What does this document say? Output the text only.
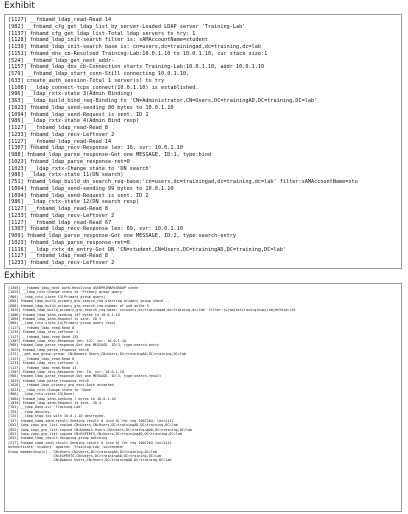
Exhibit
[1127] __fnbamd_ldap_read-Read 14
[982] __fnbamd_cfg_get_ldap_list_by_server-Loaded LDAP server 'Training-Lab'
[1137] fnbamd_cfg_get_ldap_list-Total ldap servers to try: 1
[1128] fnbamd_ldap_init-search filter is: sAMAccountName=student
[1139] fnbamd_ldap_init-search base is: cn=users,dc=trainingad,dc=training,dc=lab
[1151] fnbamd_dns_cb-Resolved Training-Lab:10.0.1.10 to 10.0.1.10, cur stack size:1
[524] __fnbamd_ldap_get_next_addr-
[1157] fnbamd_ldap_dns_cb-Connection starts Training-Lab:10.0.1.10, addr 10.0.1.10
[579] __fnbamd_ldap_start_conn-Still connecting 10.0.1.10.
[633] create_auth_session-Total 1 server(s) to try
[1108] __ldap_connect-tcps_connect(10.0.1.10) is established.
[986] __ldap_rxtx-state 3(Admin Binding)
[363] __ldap_build_bind_req-Binding to 'CN=Administrator,CN=Users,DC=trainingAD,DC=training,DC=lab'
[1023] fnbamd_ldap_send-sending 80 bytes to 10.0.1.10
[1094] fnbamd_ldap_send-Request is sent. ID 1
[986] __ldap_rxtx-state 4(Admin Bind resp)
[1127] __fnbamd_ldap_read-Read 8
[1233] fnbamd_ldap_recv-Leftover 2
[1127] __fnbamd_ldap_read-Read 14
[1307] fnbamd_ldap_recv-Response len: 16, svr: 10.0.1.10
[988] fnbamd_ldap_parse_response-Got one MESSAGE. ID:1, type:bind
[1023] fnbamd_ldap_parse_response-ret=0
[1023] __ldap_rxtx-Change state to 'DN search'
[986] __ldap_rxtx-state 11(DN search)
[751] fnbamd_ldap_build_dn_search_req-base:'cn=users,dc=trainingad,dc=training,dc=lab' filter:sAMAccountName=stu
[1064] fnbamd_ldap_send-sending 99 bytes to 10.0.1.10
[1094] fnbamd_ldap_send-Request is sent. ID 2
[986] __ldap_rxtx-state 12(DN search resp)
[1127] __fnbamd_ldap_read-Read 8
[1233] fnbamd_ldap_recv-Leftover 2
[1127] __fnbamd_ldap_read-Read 67
[1307] fnbamd_ldap_recv-Response len: 69, svr: 10.0.1.10
[909] fnbamd_ldap_parse_response-Got one MESSAGE. ID:2, type:search-entry
[1023] fnbamd_ldap_parse_response-ret=0
[1116] __ldap_rxtx_dn_entry-Got DN 'CN=student,CN=Users,DC=trainingAD,DC=training,DC=lab'
[1127] __fnbamd_ldap_read-Read 8
[1233] fnbamd_ldap_recv-Leftover 2
Exhibit
[1305] __fnbamd_ldap_next_auth-Resolving USERPRIMARYGROUP state
[1023] __ldap_rxtx-Change state to 'Primary group query'
[986] __ldap_rxtx-state 13(Primary group query)
[685] fnbamd_ldap_build_primary_grp_search_req-starting primary group check...
[688] fnbamd_ldap_build_primary_grp_search_req-number of sub auths 5
[1024] fnbamd_ldap_build_primary_grp_search_req-base:'cn=users,dc=trainingad,dc=training,dc=lab' filter:(&(objectclass=group)(objectSid=\01
[1086] fnbamd_ldap_send-sending 147 bytes to 10.0.1.10
[1094] fnbamd_ldap_send-Request is sent. ID 3
[986] __ldap_rxtx-state 14(Primary group query resp)
[1127] __fnbamd_ldap_read-Read 8
[1233] fnbamd_ldap_recv-Leftover 2
[1127] __fnbamd_ldap_read-Read 125
[1307] fnbamd_ldap_recv-Response len: 127, svr: 10.0.1.10
[986] fnbamd_ldap_parse_response-Got one MESSAGE. ID:3, type:search-entry
[1023] fnbamd_ldap_parse_response-ret=0
[472] __get_one_group-group: CN=Domain Users,CN=Users,DC=trainingAD,DC=training,DC=lab
[1127] __fnbamd_ldap_read-Read 8
[1233] fnbamd_ldap_recv-Leftover 2
[1127] __fnbamd_ldap_read-Read 14
[1307] fnbamd_ldap_recv-Response len: 16, svr: 10.0.1.10
[988] fnbamd_ldap_parse_response-Got one MESSAGE. ID:3, type:search-result
[1023] fnbamd_ldap_parse_response-ret=0
[1026] __fnbamd_ldap_primary_grp_next-Auth accepted
[1023] __ldap_rxtx-Change state to 'Done'
[986] __ldap_rxtx-state 23(Done)
[1064] fnbamd_ldap_send-sending 7 bytes to 10.0.1.10
[1094] fnbamd_ldap_send-Request is sent. ID 4
[781] __ldap_done-svr 'Training-Lab'
[755] __ldap_destroy-
[725] __ldap_stop-tcs with 10.0.1.10 destroyed.
[197] fnbamd_comm_send_result-Sending result 0 (nid 0) for req 1007264, len=2111
[852] ldap_copy_grp_list-copied CN=Users,CN=Users,DC=trainingAD,DC=training,DC=lab
[852] ldap_copy_grp_list-copied CN=Domain Users,CN=Users,DC=trainingAD,DC=training,DC=lab
[852] ldap_copy_grp_list-copied CN=EXPERTS,CN=Users,DC=trainingAD,DC=training,DC=lab
[652] fnbamd_ldap_result-Skipping group matching
[217] fnbamd_comm_send_result-Sending result 0 (nid 0) for req 1007264 len=2111
authenticate 'student' against 'Training-Lab' succeeded!
Group membership(s) - CN=Users,CN=Users,DC=trainingAD,DC=training,DC=lab
CN=EXPERTS,CN=Users,DC=trainingAD,DC=training,DC=lab
CN=Domain Users,CN=Users,DC=trainingAD,DC=training,DC=lab
